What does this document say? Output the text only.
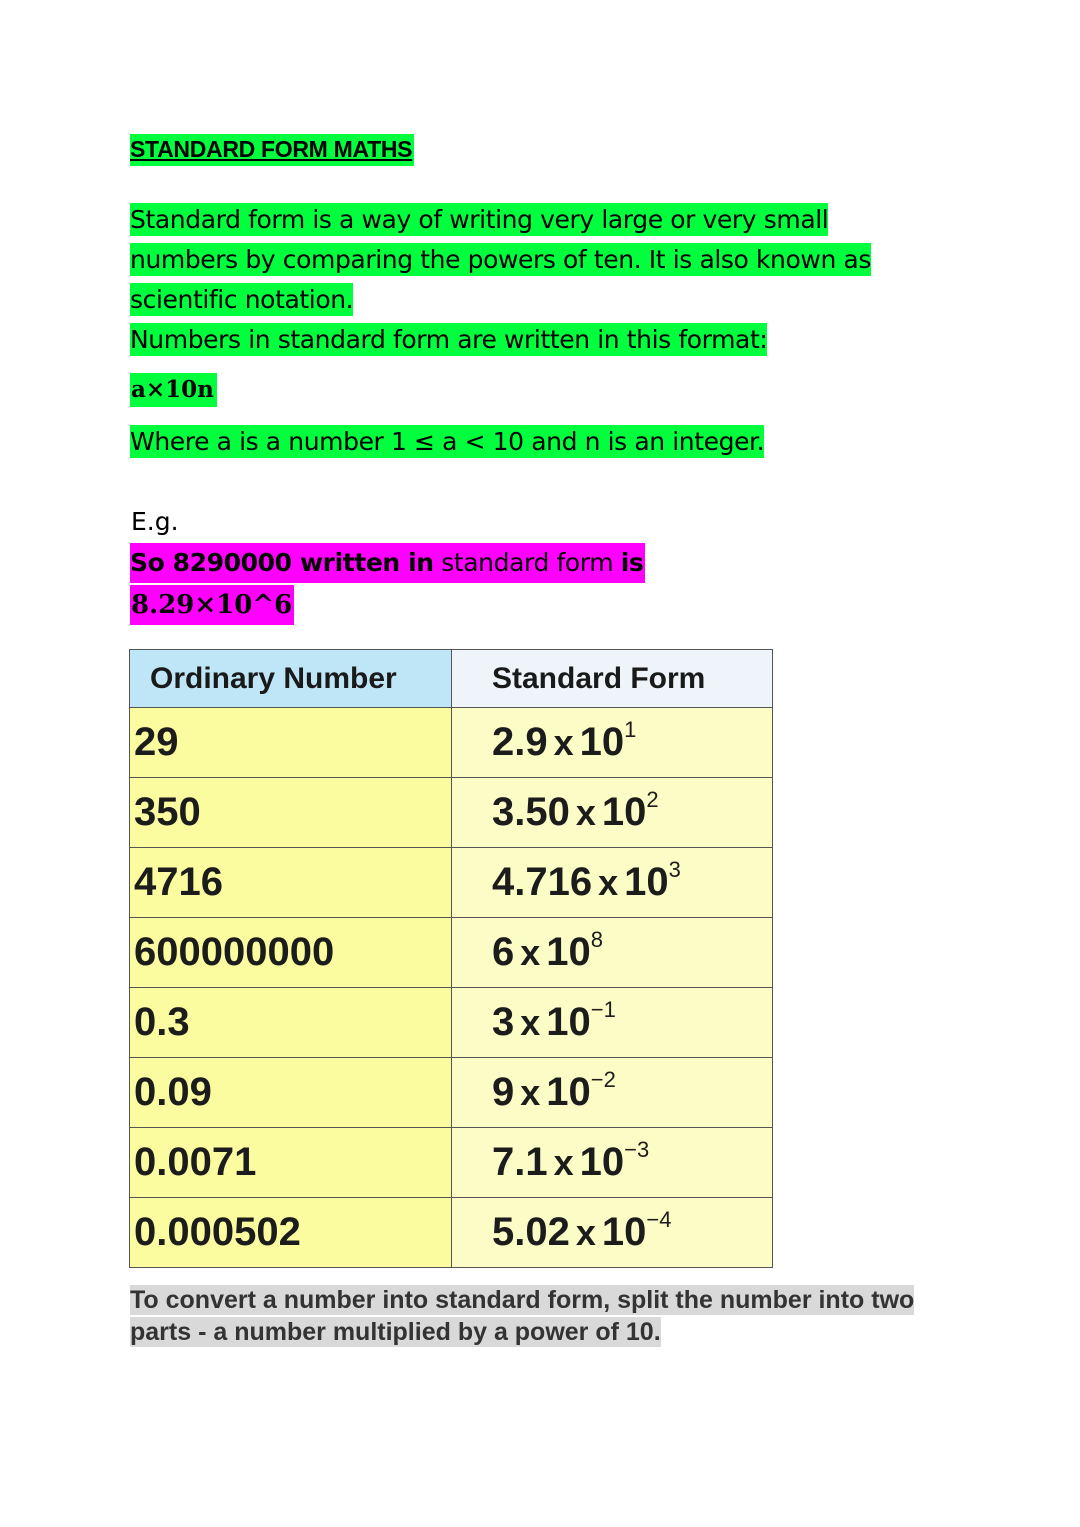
STANDARD FORM MATHS

Standard form is a way of writing very large or very small numbers by comparing the powers of ten. It is also known as scientific notation.

Numbers in standard form are written in this format:

a×10n

Where a is a number 1 ≤ a < 10 and n is an integer.

E.g.
So 8290000 written in standard form is
8.29×10^6
Ordinary Number	Standard Form
29	2.9 x $10^1$
350	3.50 x $10^2$
4716	4.716 x $10^3$
600000000	6 x $10^8$
0.3	3 x $10^{-1}$
0.09	9 x $10^{-2}$
0.0071	7.1 x $10^{-3}$
0.000502	5.02 x $10^{-4}$

To convert a number into standard form, split the number into two parts - a number multiplied by a power of 10.
